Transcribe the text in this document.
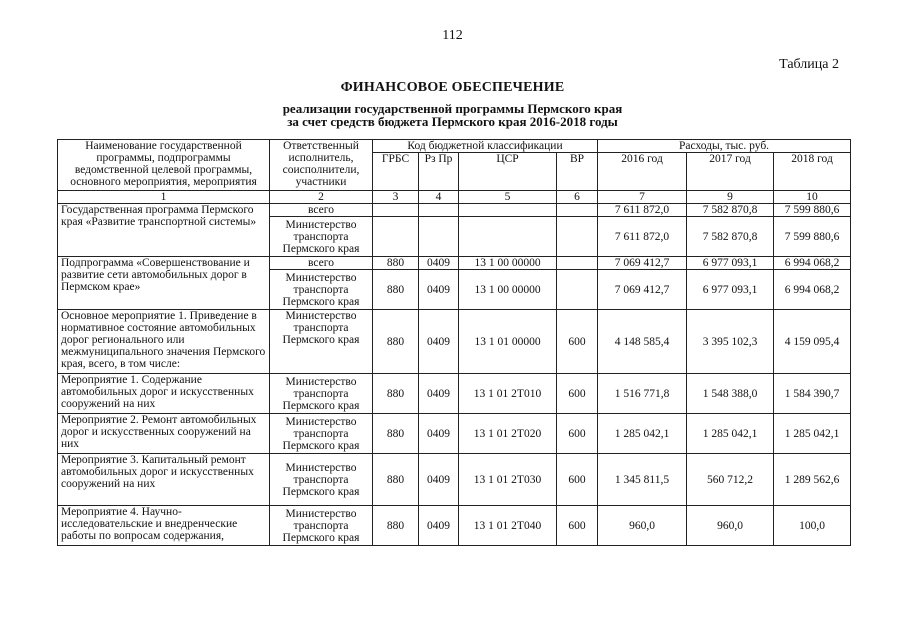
112
Таблица 2
ФИНАНСОВОЕ ОБЕСПЕЧЕНИЕ
реализации государственной программы Пермского края
за счет средств бюджета Пермского края 2016-2018 годы
Наименование государственной программы, подпрограммы ведомственной целевой программы, основного мероприятия, мероприятия	Ответственный исполнитель, соисполнители, участники	Код бюджетной классификации				Расходы, тыс. руб.		
		ГРБС	Рз Пр	ЦСР	ВР	2016 год	2017 год	2018 год
1	2	3	4	5	6	7	9	10
Государственная программа Пермского края «Развитие транспортной системы»	всего					7 611 872,0	7 582 870,8	7 599 880,6
	Министерство транспорта Пермского края					7 611 872,0	7 582 870,8	7 599 880,6
Подпрограмма «Совершенствование и развитие сети автомобильных дорог в Пермском крае»	всего	880	0409	13 1 00 00000		7 069 412,7	6 977 093,1	6 994 068,2
	Министерство транспорта Пермского края	880	0409	13 1 00 00000		7 069 412,7	6 977 093,1	6 994 068,2
Основное мероприятие 1. Приведение в нормативное состояние автомобильных дорог регионального или межмуниципального значения Пермского края, всего, в том числе:	Министерство транспорта Пермского края	880	0409	13 1 01 00000	600	4 148 585,4	3 395 102,3	4 159 095,4
Мероприятие 1. Содержание автомобильных дорог и искусственных сооружений на них	Министерство транспорта Пермского края	880	0409	13 1 01 2Т010	600	1 516 771,8	1 548 388,0	1 584 390,7
Мероприятие 2. Ремонт автомобильных дорог и искусственных сооружений на них	Министерство транспорта Пермского края	880	0409	13 1 01 2Т020	600	1 285 042,1	1 285 042,1	1 285 042,1
Мероприятие 3. Капитальный ремонт автомобильных дорог и искусственных сооружений на них	Министерство транспорта Пермского края	880	0409	13 1 01 2Т030	600	1 345 811,5	560 712,2	1 289 562,6
Мероприятие 4. Научно-исследовательские и внедренческие работы по вопросам содержания,	Министерство транспорта Пермского края	880	0409	13 1 01 2Т040	600	960,0	960,0	100,0
